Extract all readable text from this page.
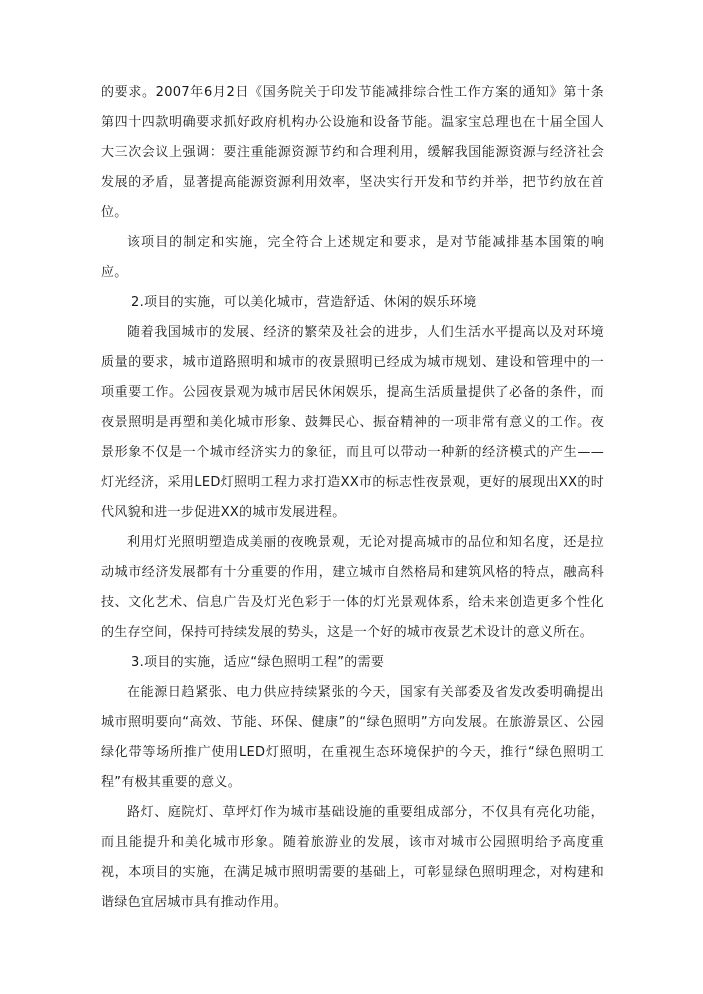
的要求。2007年6月2日《国务院关于印发节能减排综合性工作方案的通知》第十条第四十四款明确要求抓好政府机构办公设施和设备节能。温家宝总理也在十届全国人大三次会议上强调：要注重能源资源节约和合理利用，缓解我国能源资源与经济社会发展的矛盾，显著提高能源资源利用效率，坚决实行开发和节约并举，把节约放在首位。

该项目的制定和实施，完全符合上述规定和要求，是对节能减排基本国策的响应。

2.项目的实施，可以美化城市，营造舒适、休闲的娱乐环境

随着我国城市的发展、经济的繁荣及社会的进步，人们生活水平提高以及对环境质量的要求，城市道路照明和城市的夜景照明已经成为城市规划、建设和管理中的一项重要工作。公园夜景观为城市居民休闲娱乐，提高生活质量提供了必备的条件，而夜景照明是再塑和美化城市形象、鼓舞民心、振奋精神的一项非常有意义的工作。夜景形象不仅是一个城市经济实力的象征，而且可以带动一种新的经济模式的产生——灯光经济，采用LED灯照明工程力求打造XX市的标志性夜景观，更好的展现出XX的时代风貌和进一步促进XX的城市发展进程。

利用灯光照明塑造成美丽的夜晚景观，无论对提高城市的品位和知名度，还是拉动城市经济发展都有十分重要的作用，建立城市自然格局和建筑风格的特点，融高科技、文化艺术、信息广告及灯光色彩于一体的灯光景观体系，给未来创造更多个性化的生存空间，保持可持续发展的势头，这是一个好的城市夜景艺术设计的意义所在。

3.项目的实施，适应“绿色照明工程”的需要

在能源日趋紧张、电力供应持续紧张的今天，国家有关部委及省发改委明确提出城市照明要向“高效、节能、环保、健康”的“绿色照明”方向发展。在旅游景区、公园绿化带等场所推广使用LED灯照明，在重视生态环境保护的今天，推行“绿色照明工程”有极其重要的意义。

路灯、庭院灯、草坪灯作为城市基础设施的重要组成部分，不仅具有亮化功能，而且能提升和美化城市形象。随着旅游业的发展，该市对城市公园照明给予高度重视，本项目的实施，在满足城市照明需要的基础上，可彰显绿色照明理念，对构建和谐绿色宜居城市具有推动作用。
